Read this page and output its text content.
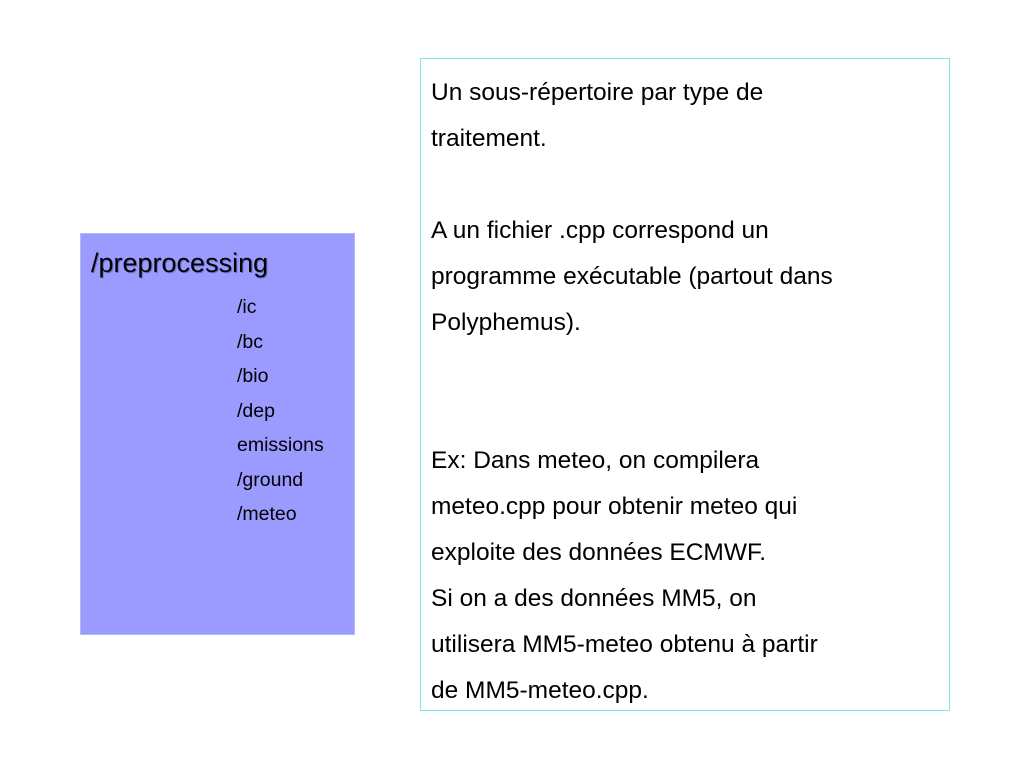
/preprocessing
/ic
/bc
/bio
/dep
emissions
/ground
/meteo

Un sous-répertoire par type de

traitement.

A un fichier .cpp correspond un

programme exécutable (partout dans

Polyphemus).

Ex: Dans meteo, on compilera

meteo.cpp pour obtenir meteo qui

exploite des données ECMWF.

Si on a des données MM5, on

utilisera MM5-meteo obtenu à partir

de MM5-meteo.cpp.
